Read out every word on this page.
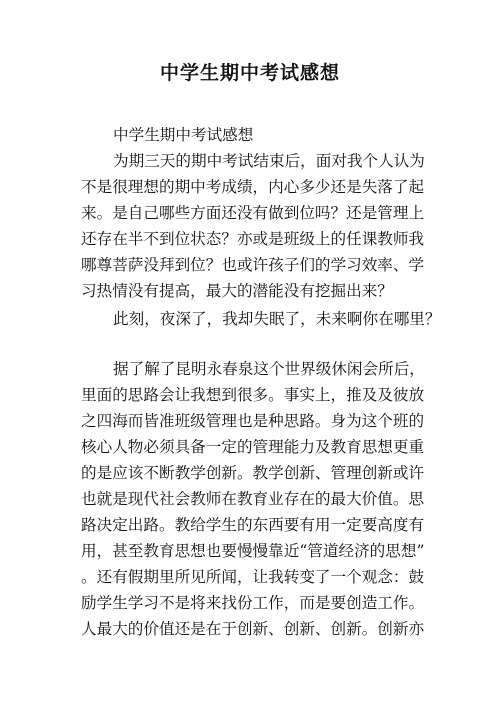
中学生期中考试感想
中学生期中考试感想
为期三天的期中考试结束后，面对我个人认为
不是很理想的期中考成绩，内心多少还是失落了起
来。是自己哪些方面还没有做到位吗？还是管理上
还存在半不到位状态？亦或是班级上的任课教师我
哪尊菩萨没拜到位？也或许孩子们的学习效率、学
习热情没有提高，最大的潜能没有挖掘出来？
此刻，夜深了，我却失眠了，未来啊你在哪里？
据了解了昆明永春泉这个世界级休闲会所后，
里面的思路会让我想到很多。事实上，推及及彼放
之四海而皆准班级管理也是种思路。身为这个班的
核心人物必须具备一定的管理能力及教育思想更重
的是应该不断教学创新。教学创新、管理创新或许
也就是现代社会教师在教育业存在的最大价值。思
路决定出路。教给学生的东西要有用一定要高度有
用，甚至教育思想也要慢慢靠近“管道经济的思想”
。还有假期里所见所闻，让我转变了一个观念：鼓
励学生学习不是将来找份工作，而是要创造工作。
人最大的价值还是在于创新、创新、创新。创新亦
